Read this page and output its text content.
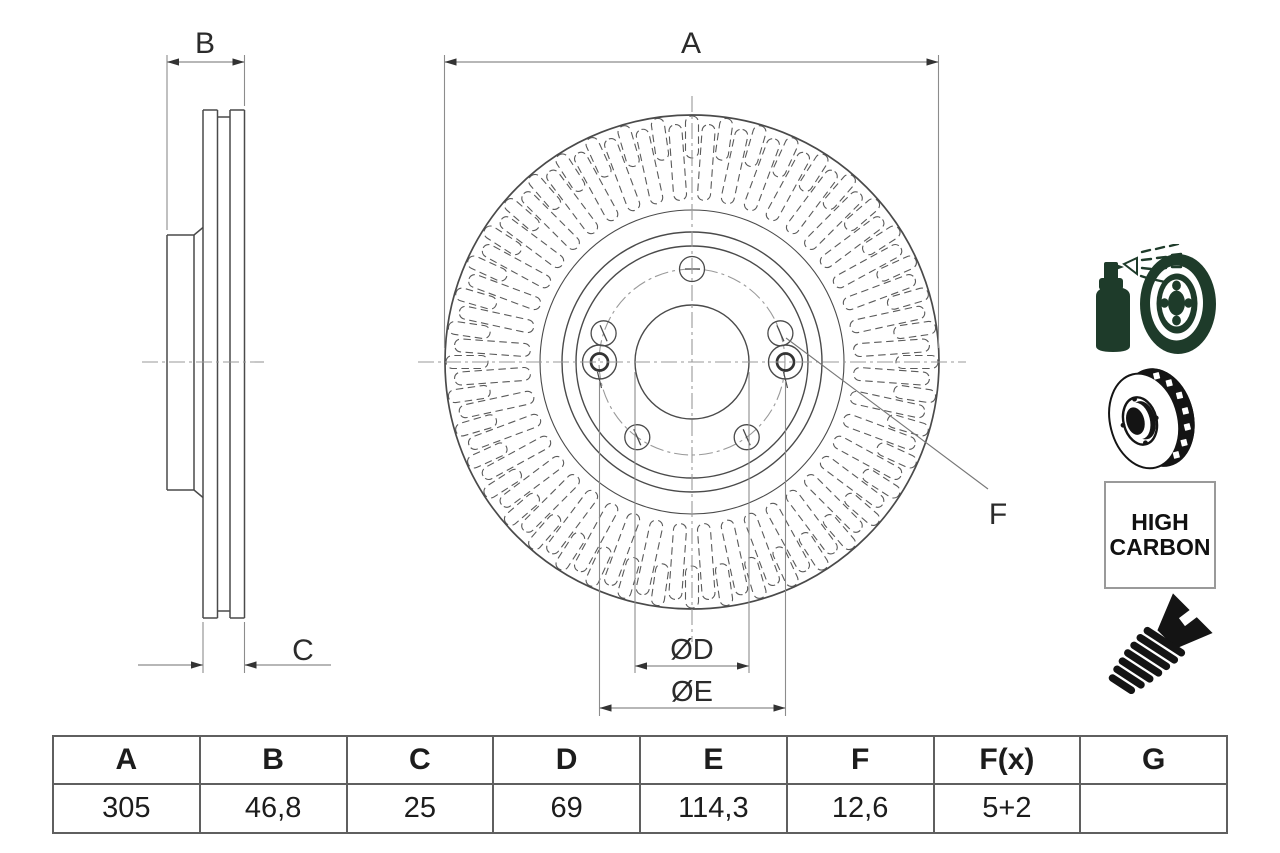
B
C
A
ØD
ØE
F	HIGH
CARBON
A	B	C	D	E	F	F(x)	G
305	46,8	25	69	114,3	12,6	5+2	
